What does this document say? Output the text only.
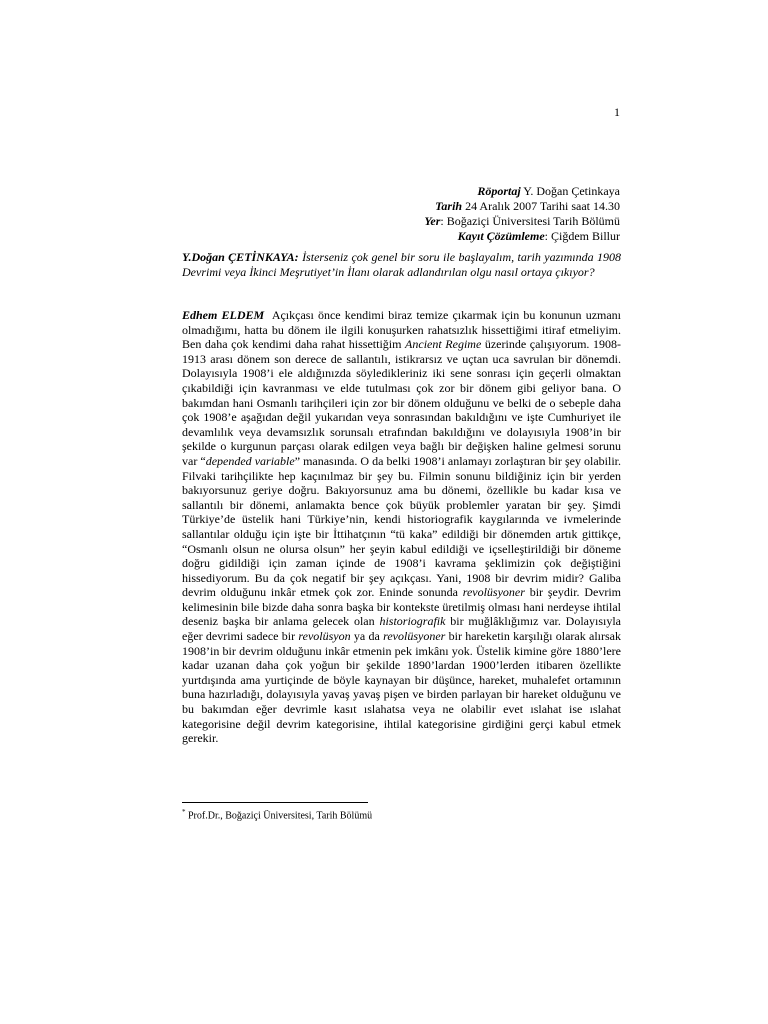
1
Röportaj Y. Doğan Çetinkaya
Tarih 24 Aralık 2007 Tarihi saat 14.30
Yer: Boğaziçi Üniversitesi Tarih Bölümü
Kayıt Çözümleme: Çiğdem Billur
Y.Doğan ÇETİNKAYA: İsterseniz çok genel bir soru ile başlayalım, tarih yazımında 1908 Devrimi veya İkinci Meşrutiyet’in İlanı olarak adlandırılan olgu nasıl ortaya çıkıyor?
Edhem ELDEM Açıkçası önce kendimi biraz temize çıkarmak için bu konunun uzmanı olmadığımı, hatta bu dönem ile ilgili konuşurken rahatsızlık hissettiğimi itiraf etmeliyim. Ben daha çok kendimi daha rahat hissettiğim Ancient Regime üzerinde çalışıyorum. 1908- 1913 arası dönem son derece de sallantılı, istikrarsız ve uçtan uca savrulan bir dönemdi. Dolayısıyla 1908’i ele aldığınızda söyledikleriniz iki sene sonrası için geçerli olmaktan çıkabildiği için kavranması ve elde tutulması çok zor bir dönem gibi geliyor bana. O bakımdan hani Osmanlı tarihçileri için zor bir dönem olduğunu ve belki de o sebeple daha çok 1908’e aşağıdan değil yukarıdan veya sonrasından bakıldığını ve işte Cumhuriyet ile devamlılık veya devamsızlık sorunsalı etrafından bakıldığını ve dolayısıyla 1908’in bir şekilde o kurgunun parçası olarak edilgen veya bağlı bir değişken haline gelmesi sorunu var “depended variable” manasında. O da belki 1908’i anlamayı zorlaştıran bir şey olabilir. Filvaki tarihçilikte hep kaçınılmaz bir şey bu. Filmin sonunu bildiğiniz için bir yerden bakıyorsunuz geriye doğru. Bakıyorsunuz ama bu dönemi, özellikle bu kadar kısa ve sallantılı bir dönemi, anlamakta bence çok büyük problemler yaratan bir şey. Şimdi Türkiye’de üstelik hani Türkiye’nin, kendi historiografik kaygılarında ve ivmelerinde sallantılar olduğu için işte bir İttihatçının “tü kaka” edildiği bir dönemden artık gittikçe, “Osmanlı olsun ne olursa olsun” her şeyin kabul edildiği ve içselleştirildiği bir döneme doğru gidildiği için zaman içinde de 1908’i kavrama şeklimizin çok değiştiğini hissediyorum. Bu da çok negatif bir şey açıkçası. Yani, 1908 bir devrim midir? Galiba devrim olduğunu inkâr etmek çok zor. Eninde sonunda revolüsyoner bir şeydir. Devrim kelimesinin bile bizde daha sonra başka bir kontekste üretilmiş olması hani nerdeyse ihtilal deseniz başka bir anlama gelecek olan historiografik bir muğlâklığımız var. Dolayısıyla eğer devrimi sadece bir revolüsyon ya da revolüsyoner bir hareketin karşılığı olarak alırsak 1908’in bir devrim olduğunu inkâr etmenin pek imkânı yok. Üstelik kimine göre 1880’lere kadar uzanan daha çok yoğun bir şekilde 1890’lardan 1900’lerden itibaren özellikte yurtdışında ama yurtiçinde de böyle kaynayan bir düşünce, hareket, muhalefet ortamının buna hazırladığı, dolayısıyla yavaş yavaş pişen ve birden parlayan bir hareket olduğunu ve bu bakımdan eğer devrimle kasıt ıslahatsa veya ne olabilir evet ıslahat ise ıslahat kategorisine değil devrim kategorisine, ihtilal kategorisine girdiğini gerçi kabul etmek gerekir.
* Prof.Dr., Boğaziçi Üniversitesi, Tarih Bölümü
